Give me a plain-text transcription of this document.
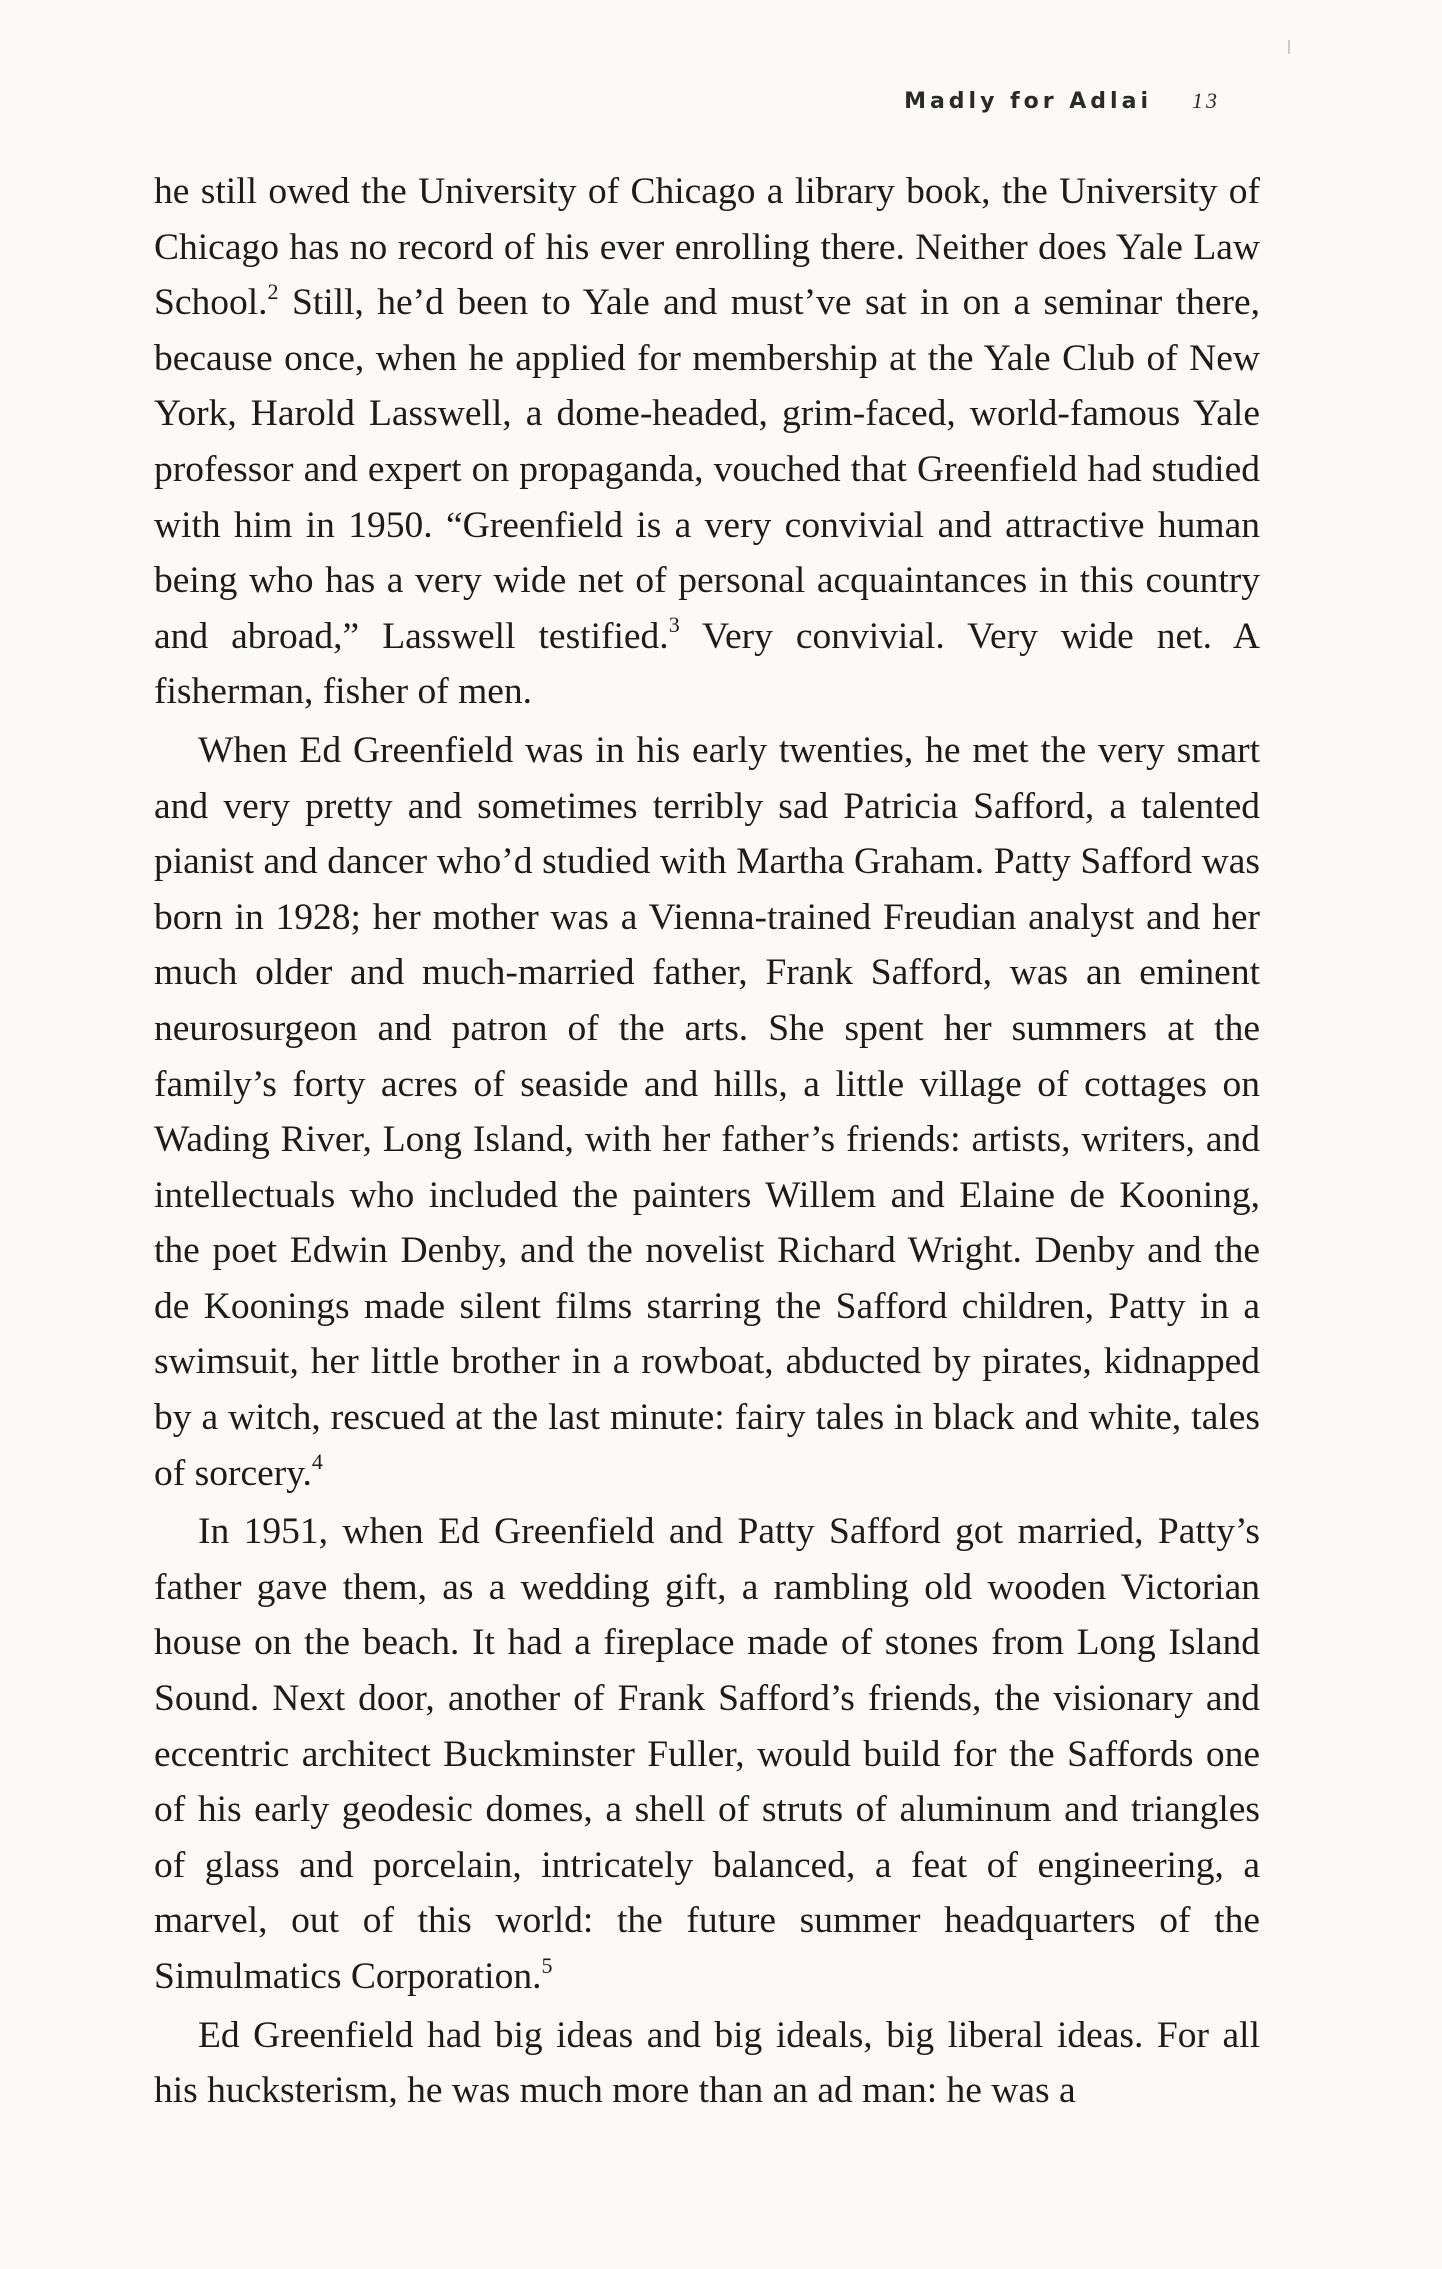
Madly for Adlai 13

he still owed the University of Chicago a library book, the University of Chicago has no record of his ever enrolling there. Neither does Yale Law School.$^2$ Still, he’d been to Yale and must’ve sat in on a seminar there, because once, when he applied for membership at the Yale Club of New York, Harold Lasswell, a dome-headed, grim-faced, world-famous Yale professor and expert on propaganda, vouched that Greenfield had studied with him in 1950. “Greenfield is a very convivial and attractive human being who has a very wide net of personal acquaintances in this country and abroad,” Lasswell testified.$^3$ Very convivial. Very wide net. A fisherman, fisher of men.

When Ed Greenfield was in his early twenties, he met the very smart and very pretty and sometimes terribly sad Patricia Safford, a talented pianist and dancer who’d studied with Martha Graham. Patty Safford was born in 1928; her mother was a Vienna-trained Freudian analyst and her much older and much-married father, Frank Safford, was an eminent neurosurgeon and patron of the arts. She spent her summers at the family’s forty acres of seaside and hills, a little village of cottages on Wading River, Long Island, with her father’s friends: artists, writers, and intellectuals who included the painters Willem and Elaine de Kooning, the poet Edwin Denby, and the novelist Richard Wright. Denby and the de Koonings made silent films starring the Safford children, Patty in a swimsuit, her little brother in a rowboat, abducted by pirates, kidnapped by a witch, rescued at the last minute: fairy tales in black and white, tales of sorcery.$^4$

In 1951, when Ed Greenfield and Patty Safford got married, Patty’s father gave them, as a wedding gift, a rambling old wooden Victorian house on the beach. It had a fireplace made of stones from Long Island Sound. Next door, another of Frank Safford’s friends, the visionary and eccentric architect Buckminster Fuller, would build for the Saffords one of his early geodesic domes, a shell of struts of aluminum and triangles of glass and porcelain, intricately balanced, a feat of engineering, a marvel, out of this world: the future summer headquarters of the Simulmatics Corporation.$^5$

Ed Greenfield had big ideas and big ideals, big liberal ideas. For all his hucksterism, he was much more than an ad man: he was a
